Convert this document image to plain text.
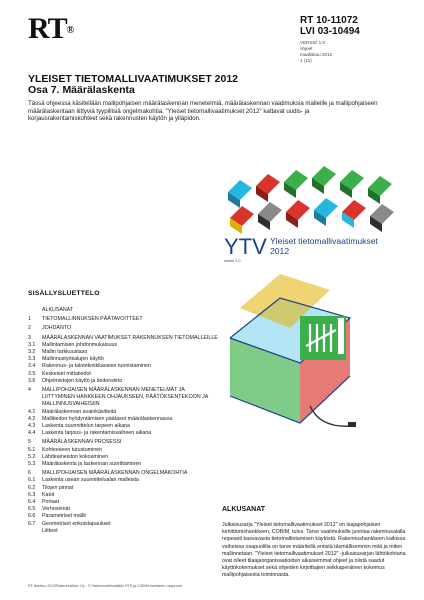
RT®
RT 10-11072
LVI 03-10494
VERSIO 1.0
ohjeet
maaliskuu 2012
1 (11)
YLEISET TIETOMALLIVAATIMUKSET 2012
Osa 7. Määrälaskenta
Tässä ohjeessa käsitellään mallipohjaisen määrälaskennan menetelmiä, määrälaskennan vaatimuksia malleille ja mallipohjaiseen määrälaskentaan liittyviä tyypillisiä ongelmakohtia. "Yleiset tietomallivaatimukset 2012" kattavat uudis- ja korjausrakentamiskohteet sekä rakennusten käytön ja ylläpidon.
YTV Yleiset tietomallivaatimukset
2012
versio 1.0
SISÄLLYSLUETTELO
ALKUSANAT
1	TIETOMALLINNUKSEN PÄÄTAVOITTEET
2	JOHDANTO
3	MÄÄRÄLASKENNAN VAATIMUKSET RAKENNUKSEN TIETOMALLEILLE
3.1	Mallintamisen johdonmukaisuus
3.2	Mallin tarkkuustaso
3.3	Mallinnustyökalujen käyttö
3.4	Rakennus- ja talotekniikkaosien tunnistaminen
3.5	Keskeiset mittatiedot
3.6	Ohjelmistojen käyttö ja tiedonsiirto
4	MALLIPOHJAISEN MÄÄRÄLASKENNAN MENETELMÄT JA LIITTYMINEN HANKKEEN OHJAUKSEEN, PÄÄTÖKSENTEKOON JA MALLINNUSVAIHEISIIN
4.1	Määrälaskennan avainkäsitteitä
4.2	Mallitiedon hyödyntämisen päätasot määrälaskennassa
4.3	Laskenta suunnittelun tarpeen aikana
4.4	Laskenta tarjous- ja rakentamisvaiheen aikana
5	MÄÄRÄLASKENNAN PROSESSI
5.1	Kohteeseen tutustuminen
5.2	Lähdeaineiston kokoaminen
5.3	Määrälaskenta ja laskennan suorittaminen
6	MALLIPOHJAISEN MÄÄRÄLASKENNAN ONGELMAKOHTIA
6.1	Laskenta usean suunnittelualan malleista
6.2	Tilojen pinnat
6.3	Katot
6.4	Portaat
6.5	Verhoseinät
6.6	Parametriset mallit
6.7	Geometriset erikoistapaukset
Liitteet
ALKUSANAT
Julkaisusarja "Yleiset tietomallivaatimukset 2012" on laajapohjaisen kehittämishankkeen, COBIM, tulos. Tarve vaatimuksille juontaa rakennusalalla nopeasti kasvavasta tietomallintamisen käytöstä. Rakennushankkeen kaikissa vaiheissa osapuolilla on tarve määritellä entistä täsmällisemmin mitä ja miten mallinnetaan. "Yleiset tietomallivaatimukset 2012" -julkaisusarjan lähtökohtana ovat olleet tilaajaorganisaatioiden aikaisemmat ohjeet ja niistä saadut käyttökokemukset sekä ohjeiden kirjoittajien seikkaperäinen kokemus mallipohjaisesta toiminnasta.
RT-Ilmoitus 2012/Rakennustieto Oy · © Rakennustietosäätiö RTS ja COBIM-hankkeen osapuolet
